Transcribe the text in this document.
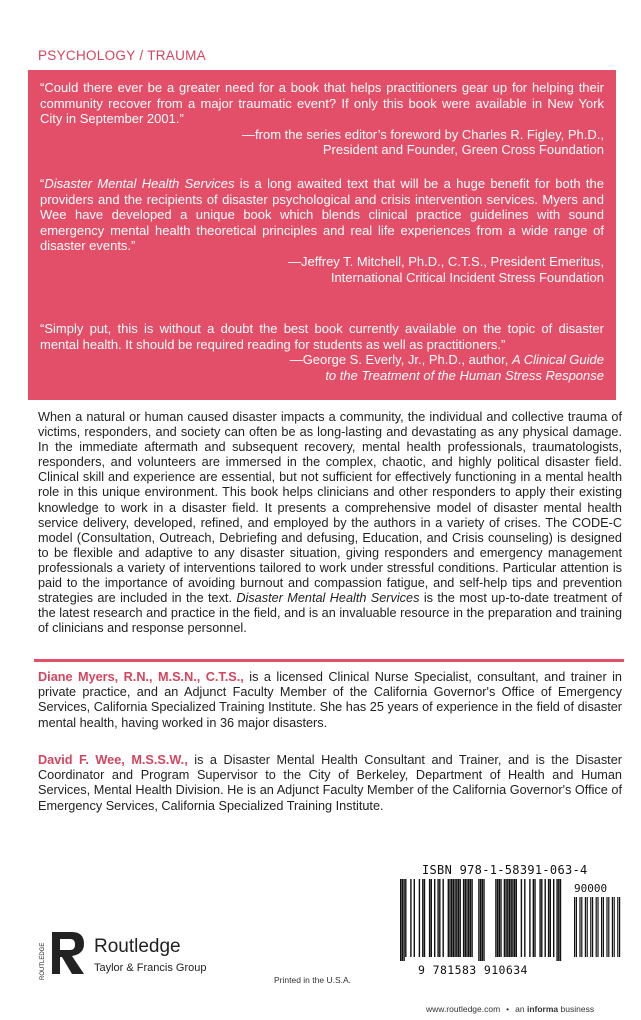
PSYCHOLOGY / TRAUMA

“Could there ever be a greater need for a book that helps practitioners gear up for helping their community recover from a major traumatic event? If only this book were available in New York City in September 2001.”

—from the series editor’s foreword by Charles R. Figley, Ph.D.,

President and Founder, Green Cross Foundation

“Disaster Mental Health Services is a long awaited text that will be a huge benefit for both the providers and the recipients of disaster psychological and crisis intervention services. Myers and Wee have developed a unique book which blends clinical practice guidelines with sound emergency mental health theoretical principles and real life experiences from a wide range of disaster events.”

—Jeffrey T. Mitchell, Ph.D., C.T.S., President Emeritus,

International Critical Incident Stress Foundation

“Simply put, this is without a doubt the best book currently available on the topic of disaster mental health. It should be required reading for students as well as practitioners.”

—George S. Everly, Jr., Ph.D., author, A Clinical Guide

to the Treatment of the Human Stress Response

When a natural or human caused disaster impacts a community, the individual and collective trauma of victims, responders, and society can often be as long-lasting and devastating as any physical damage. In the immediate aftermath and subsequent recovery, mental health professionals, traumatologists, responders, and volunteers are immersed in the complex, chaotic, and highly political disaster field. Clinical skill and experience are essential, but not sufficient for effectively functioning in a mental health role in this unique environment. This book helps clinicians and other responders to apply their existing knowledge to work in a disaster field. It presents a comprehensive model of disaster mental health service delivery, developed, refined, and employed by the authors in a variety of crises. The CODE-C model (Consultation, Outreach, Debriefing and defusing, Education, and Crisis counseling) is designed to be flexible and adaptive to any disaster situation, giving responders and emergency management professionals a variety of interventions tailored to work under stressful conditions. Particular attention is paid to the importance of avoiding burnout and compassion fatigue, and self-help tips and prevention strategies are included in the text. Disaster Mental Health Services is the most up-to-date treatment of the latest research and practice in the field, and is an invaluable resource in the preparation and training of clinicians and response personnel.

Diane Myers, R.N., M.S.N., C.T.S., is a licensed Clinical Nurse Specialist, consultant, and trainer in private practice, and an Adjunct Faculty Member of the California Governor's Office of Emergency Services, California Specialized Training Institute. She has 25 years of experience in the field of disaster mental health, having worked in 36 major disasters.

David F. Wee, M.S.S.W., is a Disaster Mental Health Consultant and Trainer, and is the Disaster Coordinator and Program Supervisor to the City of Berkeley, Department of Health and Human Services, Mental Health Division. He is an Adjunct Faculty Member of the California Governor's Office of Emergency Services, California Specialized Training Institute.

ISBN 978-1-58391-063-4
90000
9 781583 910634
ROUTLEDGE	Routledge
Taylor & Francis Group
Printed in the U.S.A.
www.routledge.com • an informa business
